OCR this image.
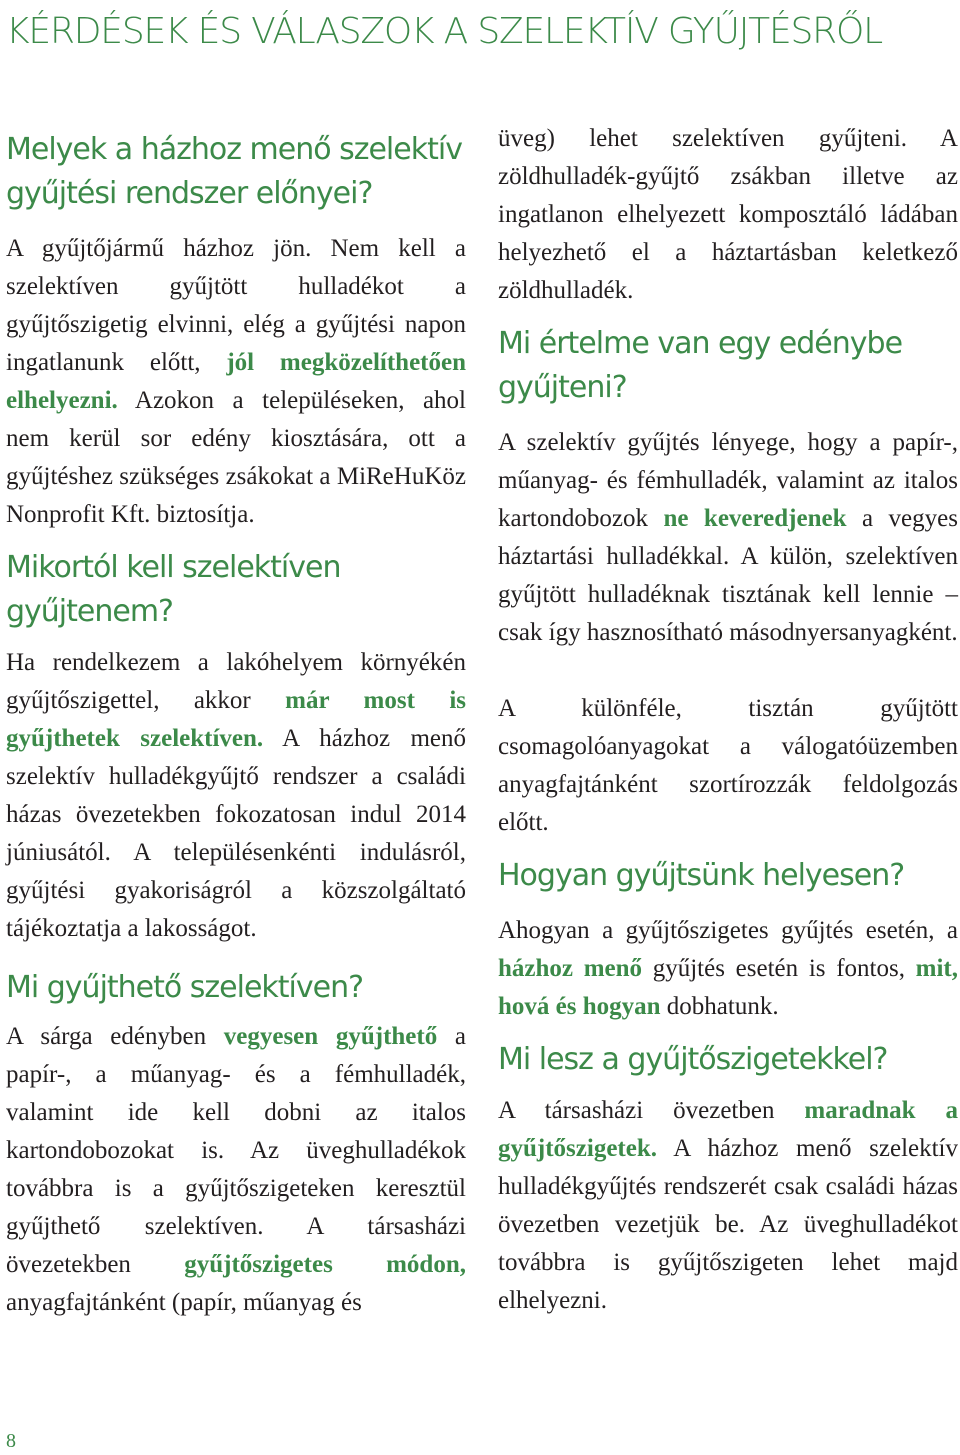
KÉRDÉSEK ÉS VÁLASZOK A SZELEKTÍV GYŰJTÉSRŐL
Melyek a házhoz menő szelektív gyűjtési rendszer előnyei?

A gyűjtőjármű házhoz jön. Nem kell a szelektíven gyűjtött hulladékot a gyűjtőszigetig elvinni, elég a gyűjtési napon ingatlanunk előtt, jól megközelíthetően elhelyezni. Azokon a településeken, ahol nem kerül sor edény kiosztására, ott a gyűjtéshez szükséges zsákokat a MiReHuKöz Nonprofit Kft. biztosítja.

Mikortól kell szelektíven gyűjtenem?

Ha rendelkezem a lakóhelyem környékén gyűjtőszigettel, akkor már most is gyűjthetek szelektíven. A házhoz menő szelektív hulladékgyűjtő rendszer a családi házas övezetekben fokozatosan indul 2014 júniusától. A településenkénti indulásról, gyűjtési gyakoriságról a közszolgáltató tájékoztatja a lakosságot.

Mi gyűjthető szelektíven?

A sárga edényben vegyesen gyűjthető a papír-, a műanyag- és a fémhulladék, valamint ide kell dobni az italos kartondobozokat is. Az üveghulladékok továbbra is a gyűjtőszigeteken keresztül gyűjthető szelektíven. A társasházi övezetekben gyűjtőszigetes módon, anyagfajtánként (papír, műanyag és

üveg) lehet szelektíven gyűjteni. A zöldhulladék-gyűjtő zsákban illetve az ingatlanon elhelyezett komposztáló ládában helyezhető el a háztartásban keletkező zöldhulladék.

Mi értelme van egy edénybe gyűjteni?

A szelektív gyűjtés lényege, hogy a papír-, műanyag- és fémhulladék, valamint az italos kartondobozok ne keveredjenek a vegyes háztartási hulladékkal. A külön, szelektíven gyűjtött hulladéknak tisztának kell lennie – csak így hasznosítható másodnyersanyagként.

A különféle, tisztán gyűjtött csomagolóanyagokat a válogatóüzemben anyagfajtánként szortírozzák feldolgozás előtt.

Hogyan gyűjtsünk helyesen?

Ahogyan a gyűjtőszigetes gyűjtés esetén, a házhoz menő gyűjtés esetén is fontos, mit, hová és hogyan dobhatunk.

Mi lesz a gyűjtőszigetekkel?

A társasházi övezetben maradnak a gyűjtőszigetek. A házhoz menő szelektív hulladékgyűjtés rendszerét csak családi házas övezetben vezetjük be. Az üveghulladékot továbbra is gyűjtőszigeten lehet majd elhelyezni.

8
